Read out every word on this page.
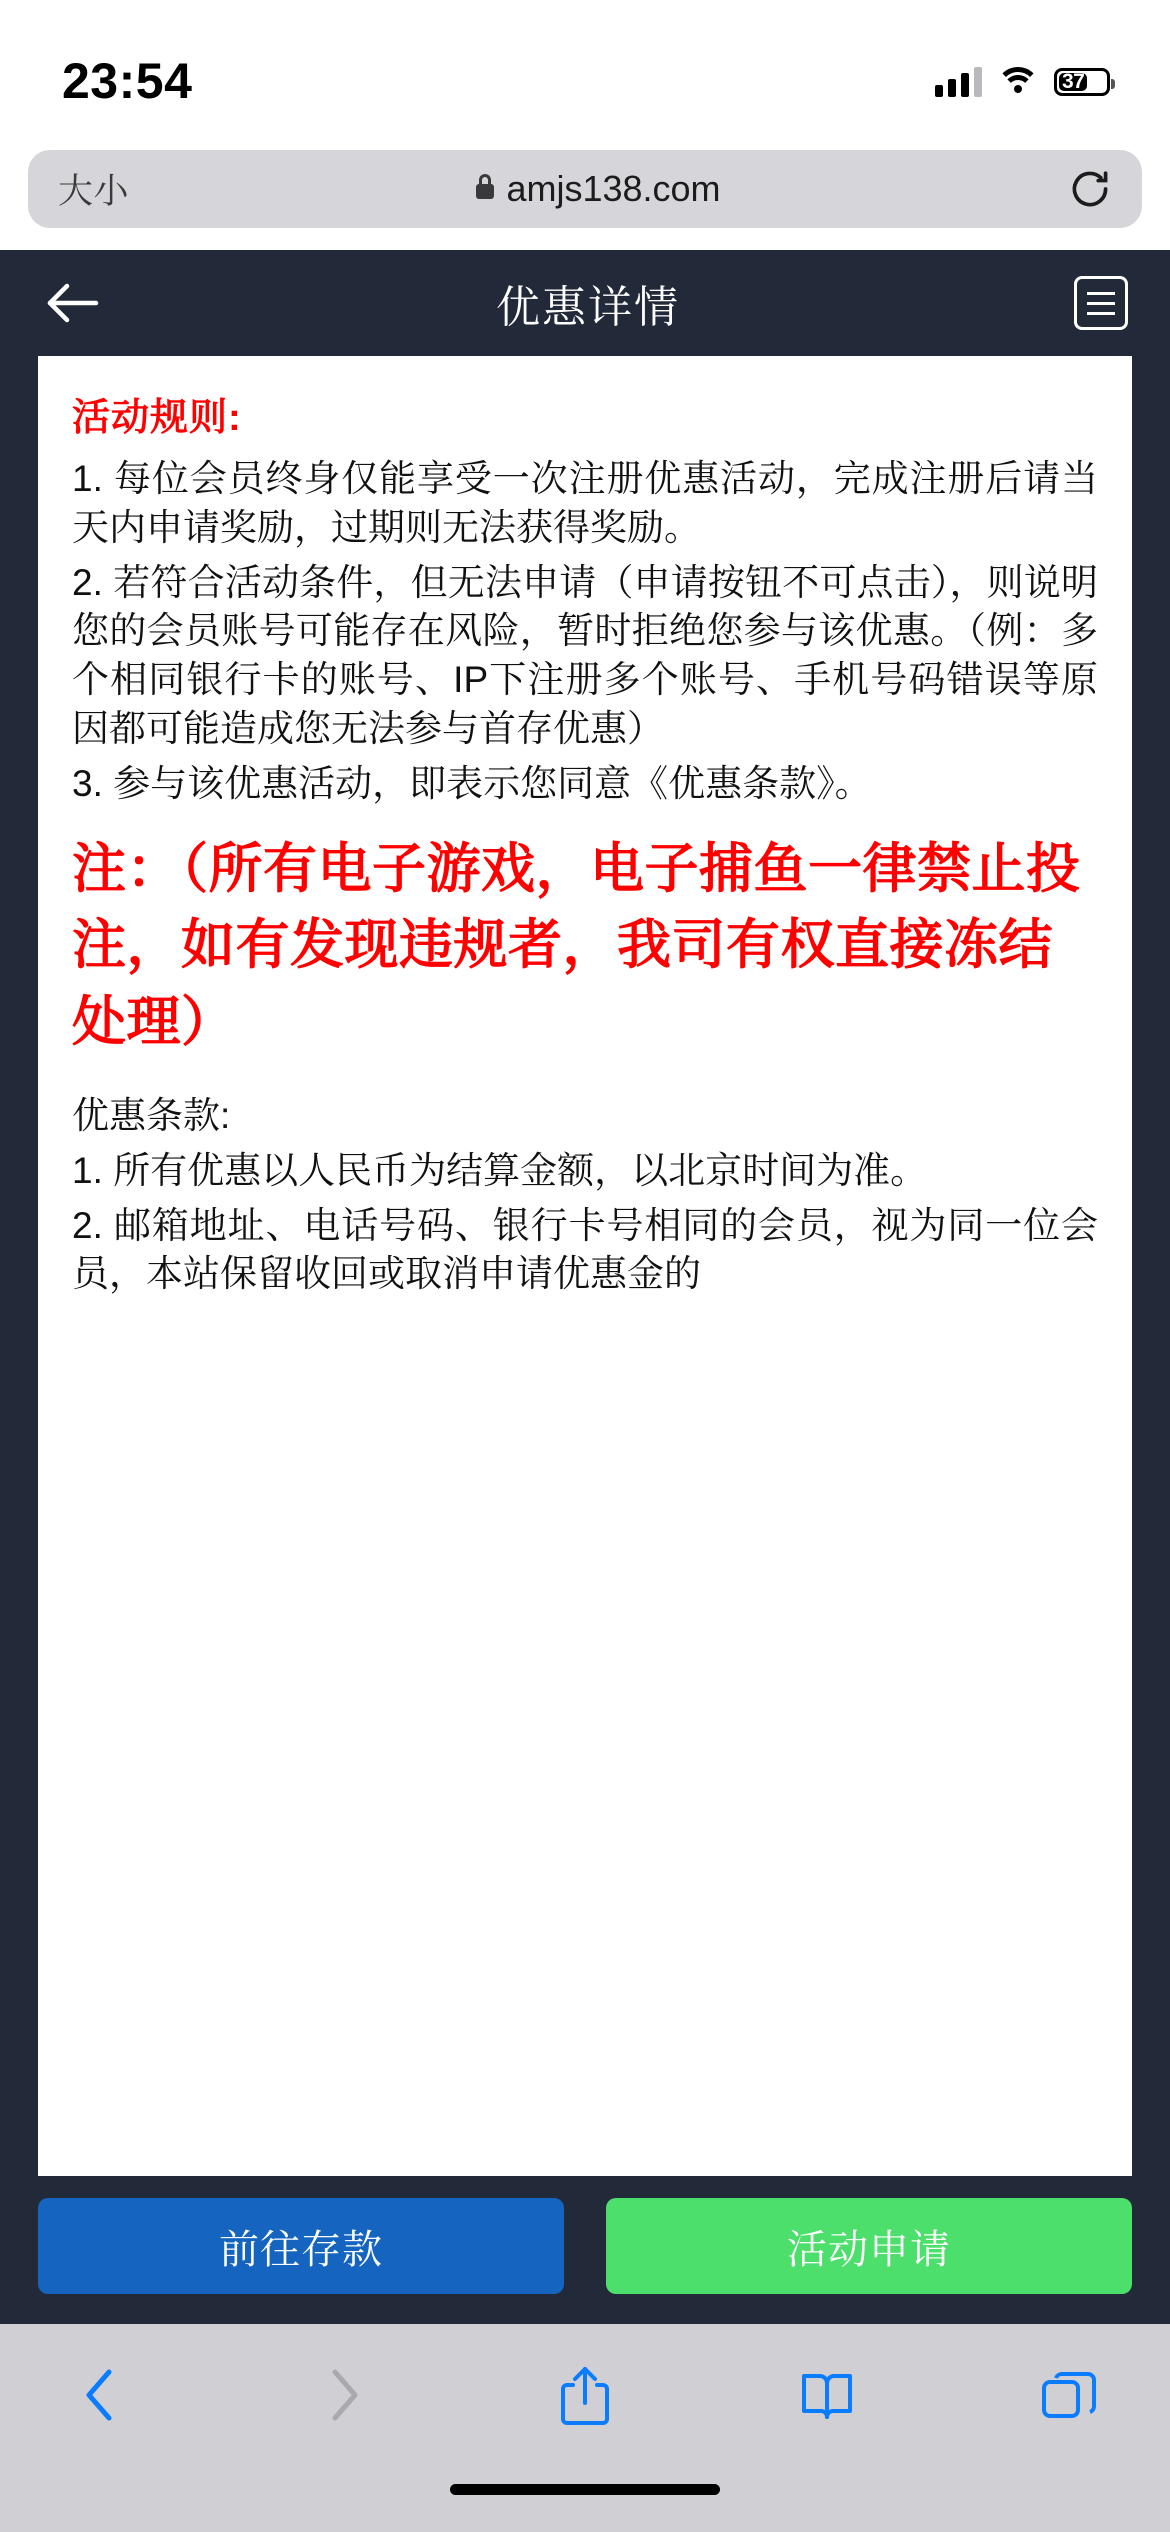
23:54	37
大小	amjs138.com
优惠详情
活动规则:

1. 每位会员终身仅能享受一次注册优惠活动，完成注册后请当天内申请奖励，过期则无法获得奖励。

2. 若符合活动条件，但无法申请（申请按钮不可点击），则说明您的会员账号可能存在风险，暂时拒绝您参与该优惠。（例：多个相同银行卡的账号、IP下注册多个账号、手机号码错误等原因都可能造成您无法参与首存优惠）

3. 参与该优惠活动，即表示您同意《优惠条款》。

注：（所有电子游戏，电子捕鱼一律禁止投注，如有发现违规者，我司有权直接冻结处理）
优惠条款:

1. 所有优惠以人民币为结算金额，以北京时间为准。

2. 邮箱地址、电话号码、银行卡号相同的会员，视为同一位会员，本站保留收回或取消申请优惠金的

前往存款	活动申请
